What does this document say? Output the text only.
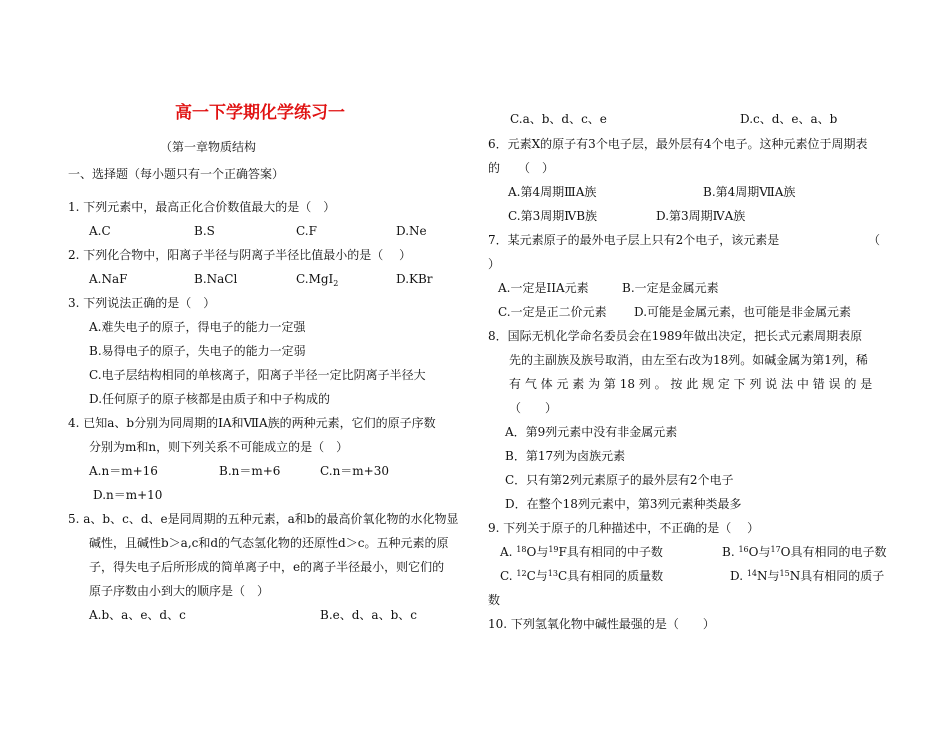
高一下学期化学练习一
（第一章物质结构
一、选择题（每小题只有一个正确答案）
1. 下列元素中，最高正化合价数值最大的是（　）
A.C	B.S	C.F	D.Ne
2. 下列化合物中，阳离子半径与阴离子半径比值最小的是（　 ）
A.NaF	B.NaCl	C.MgI$_2$	D.KBr
3. 下列说法正确的是（　）
A.难失电子的原子，得电子的能力一定强
B.易得电子的原子，失电子的能力一定弱
C.电子层结构相同的单核离子，阳离子半径一定比阴离子半径大
D.任何原子的原子核都是由质子和中子构成的
4. 已知a、b分别为同周期的ⅠA和ⅦA族的两种元素，它们的原子序数
分别为m和n，则下列关系不可能成立的是（　）
A.n＝m+16	B.n＝m+6	C.n＝m+30
D.n＝m+10
5. a、b、c、d、e是同周期的五种元素，a和b的最高价氧化物的水化物显
碱性，且碱性b＞a,c和d的气态氢化物的还原性d＞c。五种元素的原
子，得失电子后所形成的简单离子中，e的离子半径最小，则它们的
原子序数由小到大的顺序是（　）
A.b、a、e、d、c	B.e、d、a、b、c
C.a、b、d、c、e	D.c、d、e、a、b
6．元素X的原子有3个电子层，最外层有4个电子。这种元素位于周期表
的　　（　）
A.第4周期ⅢA族	B.第4周期ⅦA族
C.第3周期ⅣB族	D.第3周期ⅣA族
7．某元素原子的最外电子层上只有2个电子，该元素是	（
）
A.一定是IIA元素	B.一定是金属元素
C.一定是正二价元素 D.可能是金属元素，也可能是非金属元素
8．国际无机化学命名委员会在1989年做出决定，把长式元素周期表原
先的主副族及族号取消，由左至右改为18列。如碱金属为第1列，稀
有 气 体 元 素 为 第 18 列 。 按 此 规 定 下 列 说 法 中 错 误 的 是
（　　）
A．第9列元素中没有非金属元素
B．第17列为卤族元素
C．只有第2列元素原子的最外层有2个电子
D．在整个18列元素中，第3列元素种类最多
9. 下列关于原子的几种描述中，不正确的是（　 ）
A. $^{18}$O与$^{19}$F具有相同的中子数	B. $^{16}$O与$^{17}$O具有相同的电子数
C. $^{12}$C与$^{13}$C具有相同的质量数	D. $^{14}$N与$^{15}$N具有相同的质子
数
10. 下列氢氧化物中碱性最强的是（　　）
